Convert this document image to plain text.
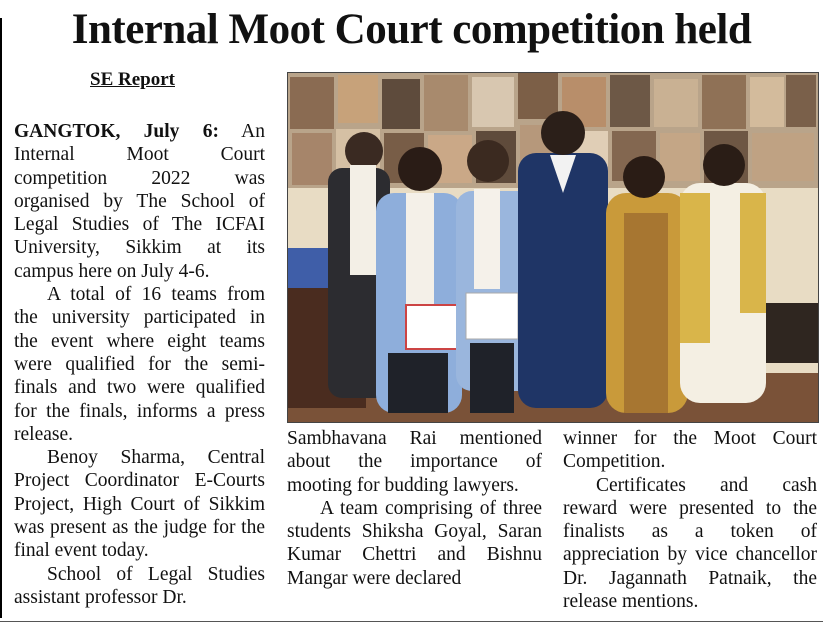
Internal Moot Court competition held
SE Report

GANGTOK, July 6: An Internal Moot Court competition 2022 was organised by The School of Legal Studies of The ICFAI University, Sikkim at its campus here on July 4-6.

A total of 16 teams from the university participated in the event where eight teams were qualified for the semi-finals and two were qualified for the finals, informs a press release.

Benoy Sharma, Central Project Coordinator E-Courts Project, High Court of Sikkim was present as the judge for the final event today.

School of Legal Studies assistant professor Dr.

Sambhavana Rai mentioned about the importance of mooting for budding lawyers.

A team comprising of three students Shiksha Goyal, Saran Kumar Chettri and Bishnu Mangar were declared

winner for the Moot Court Competition.

Certificates and cash reward were presented to the finalists as a token of appreciation by vice chancellor Dr. Jagannath Patnaik, the release mentions.
